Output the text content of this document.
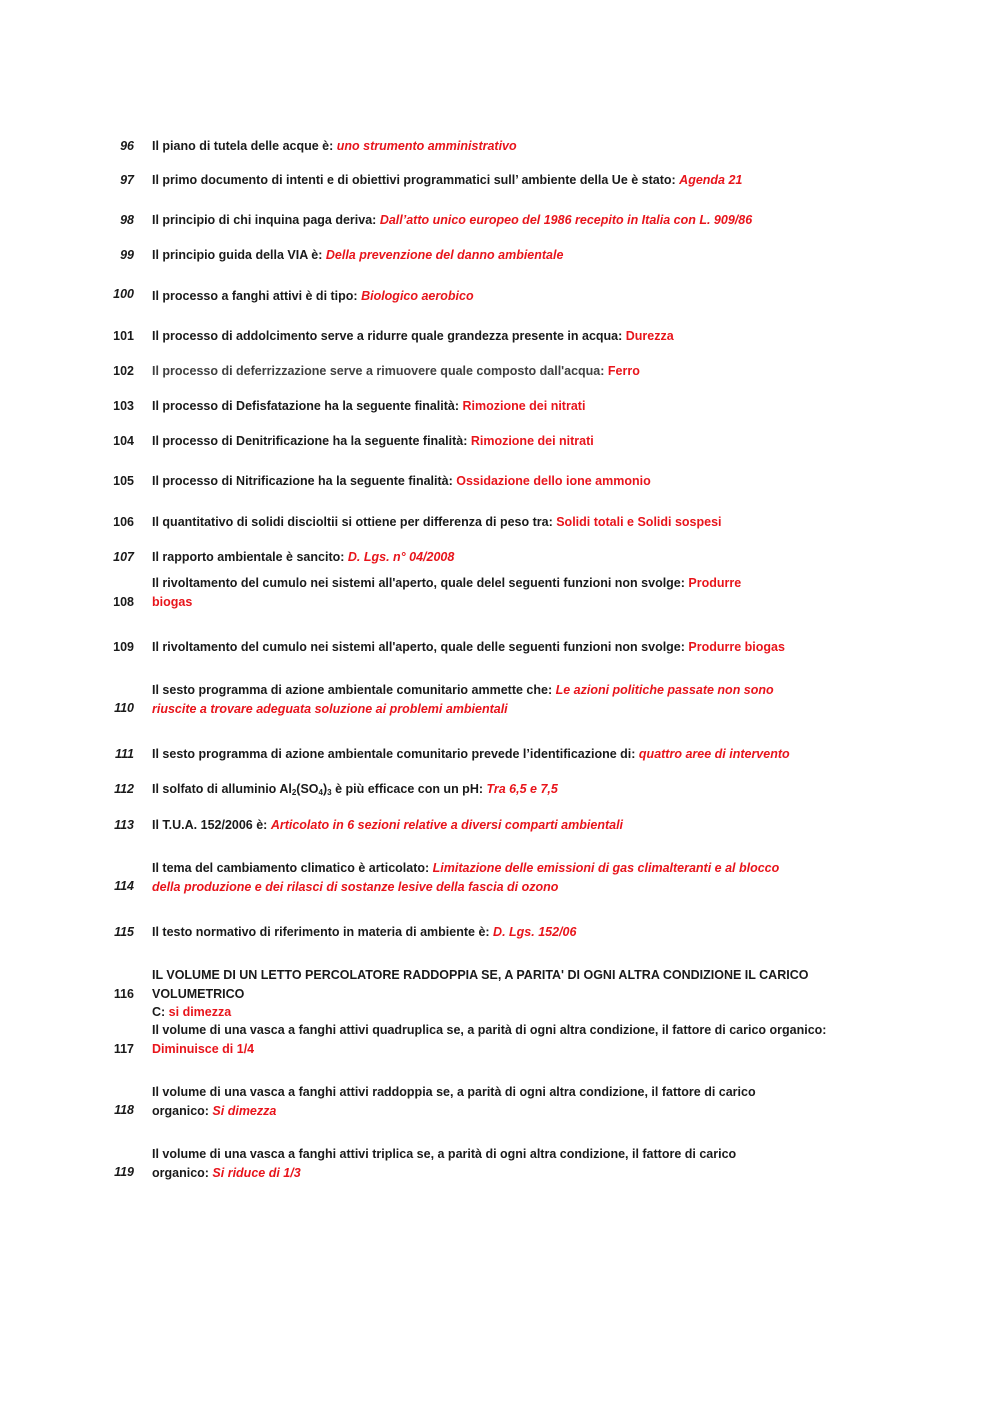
96 Il piano di tutela delle acque è: uno strumento amministrativo
97 Il primo documento di intenti e di obiettivi programmatici sull’ ambiente della Ue è stato: Agenda 21
98 Il principio di chi inquina paga deriva: Dall’atto unico europeo del 1986 recepito in Italia con L. 909/86
99 Il principio guida della VIA è: Della prevenzione del danno ambientale
100 Il processo a fanghi attivi è di tipo: Biologico aerobico
101 Il processo di addolcimento serve a ridurre quale grandezza presente in acqua: Durezza
102 Il processo di deferrizzazione serve a rimuovere quale composto dall'acqua: Ferro
103 Il processo di Defisfatazione ha la seguente finalità: Rimozione dei nitrati
104 Il processo di Denitrificazione ha la seguente finalità: Rimozione dei nitrati
105 Il processo di Nitrificazione ha la seguente finalità: Ossidazione dello ione ammonio
106 Il quantitativo di solidi discioltii si ottiene per differenza di peso tra: Solidi totali e Solidi sospesi
107 Il rapporto ambientale è sancito: D. Lgs. n° 04/2008
108
Il rivoltamento del cumulo nei sistemi all'aperto, quale delel seguenti funzioni non svolge: Produrre
biogas
109 Il rivoltamento del cumulo nei sistemi all'aperto, quale delle seguenti funzioni non svolge: Produrre biogas
110
Il sesto programma di azione ambientale comunitario ammette che: Le azioni politiche passate non sono
riuscite a trovare adeguata soluzione ai problemi ambientali
111 Il sesto programma di azione ambientale comunitario prevede l’identificazione di: quattro aree di intervento
112 Il solfato di alluminio $Al_2(SO_4)_3$ è più efficace con un pH: Tra 6,5 e 7,5
113 Il T.U.A. 152/2006 è: Articolato in 6 sezioni relative a diversi comparti ambientali
114
Il tema del cambiamento climatico è articolato: Limitazione delle emissioni di gas climalteranti e al blocco
della produzione e dei rilasci di sostanze lesive della fascia di ozono
115 Il testo normativo di riferimento in materia di ambiente è: D. Lgs. 152/06
116
IL VOLUME DI UN LETTO PERCOLATORE RADDOPPIA SE, A PARITA' DI OGNI ALTRA CONDIZIONE IL CARICO VOLUMETRICO
C: si dimezza
117
Il volume di una vasca a fanghi attivi quadruplica se, a parità di ogni altra condizione, il fattore di carico organico:
Diminuisce di 1/4
118
Il volume di una vasca a fanghi attivi raddoppia se, a parità di ogni altra condizione, il fattore di carico
organico: Si dimezza
119
Il volume di una vasca a fanghi attivi triplica se, a parità di ogni altra condizione, il fattore di carico
organico: Si riduce di 1/3
